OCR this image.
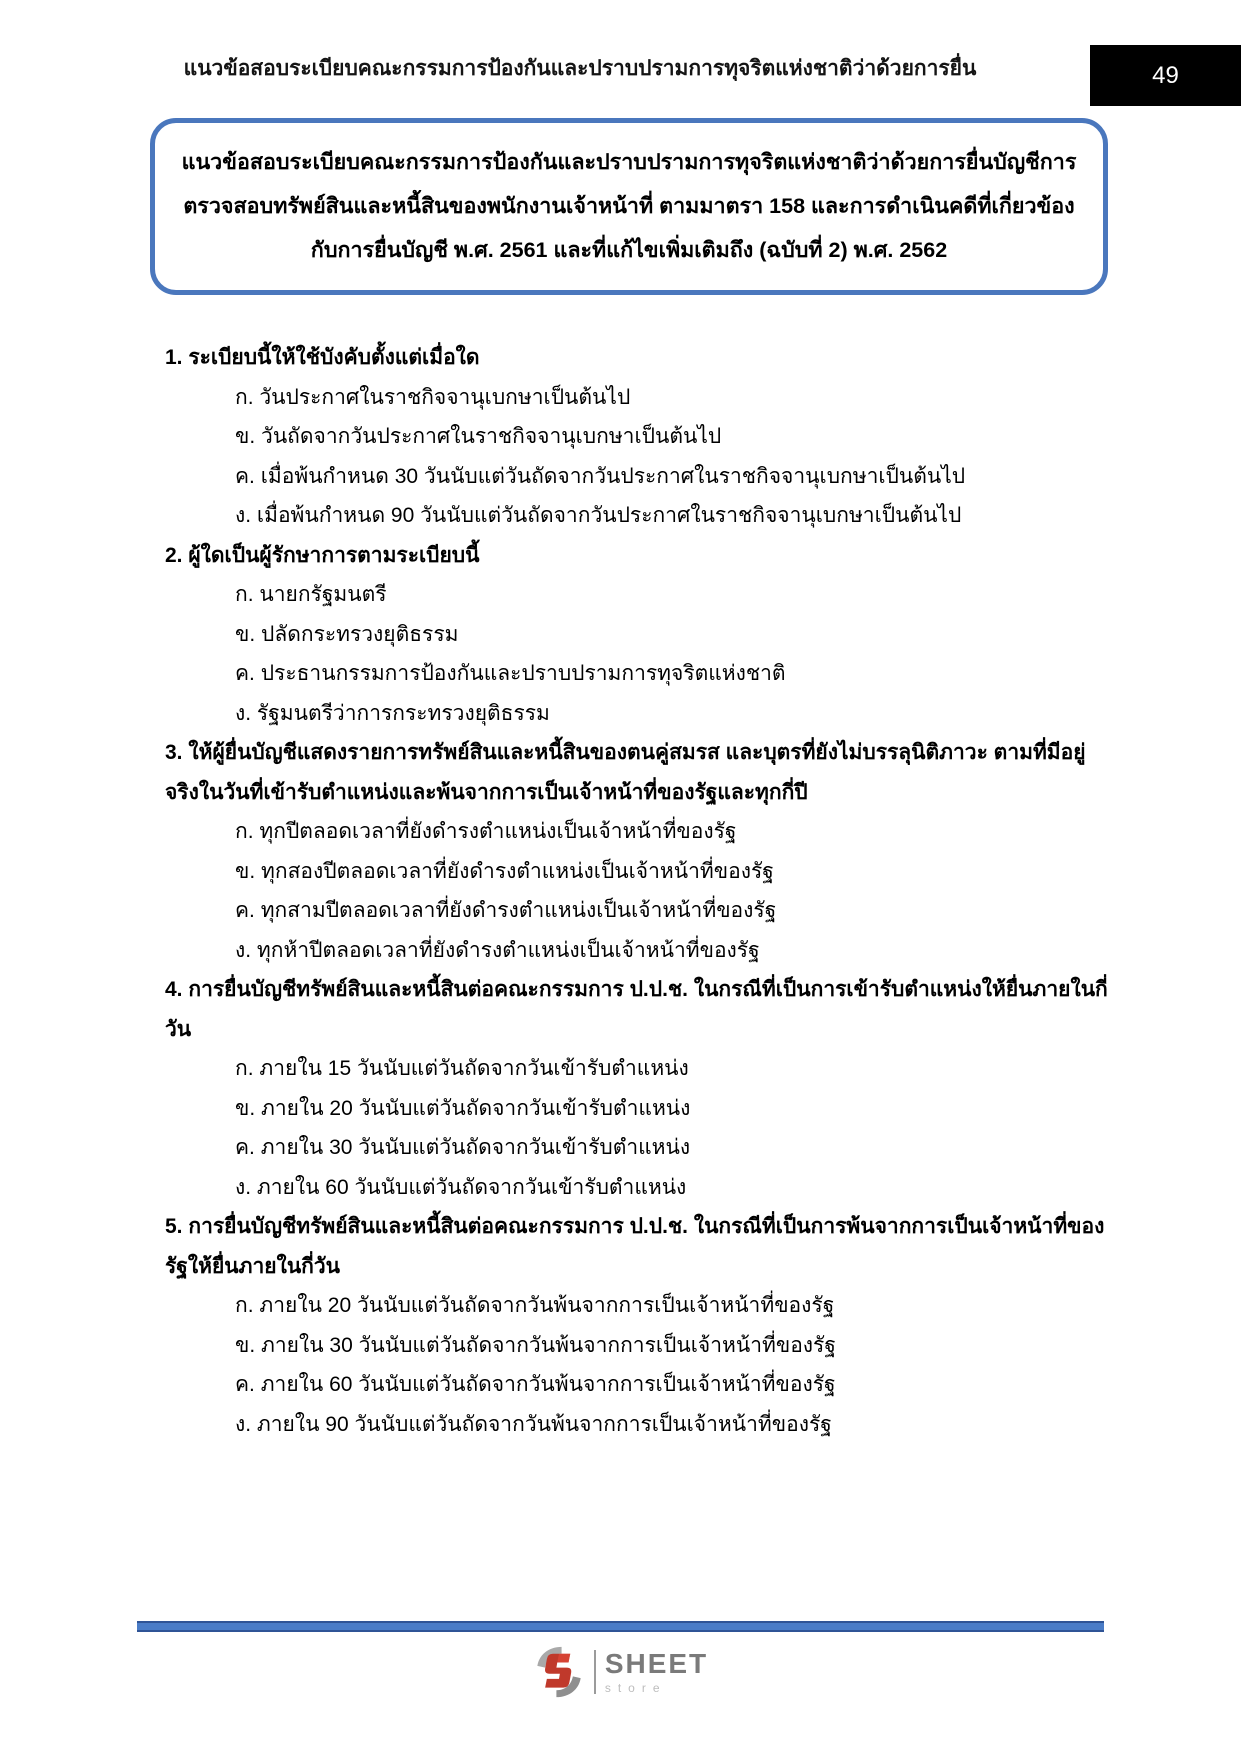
แนวข้อสอบระเบียบคณะกรรมการป้องกันและปราบปรามการทุจริตแห่งชาติว่าด้วยการยื่น	49
แนวข้อสอบระเบียบคณะกรรมการป้องกันและปราบปรามการทุจริตแห่งชาติว่าด้วยการยื่นบัญชีการ
ตรวจสอบทรัพย์สินและหนี้สินของพนักงานเจ้าหน้าที่ ตามมาตรา 158 และการดำเนินคดีที่เกี่ยวข้อง
กับการยื่นบัญชี พ.ศ. 2561 และที่แก้ไขเพิ่มเติมถึง (ฉบับที่ 2) พ.ศ. 2562

1. ระเบียบนี้ให้ใช้บังคับตั้งแต่เมื่อใด

ก. วันประกาศในราชกิจจานุเบกษาเป็นต้นไป

ข. วันถัดจากวันประกาศในราชกิจจานุเบกษาเป็นต้นไป

ค. เมื่อพ้นกำหนด 30 วันนับแต่วันถัดจากวันประกาศในราชกิจจานุเบกษาเป็นต้นไป

ง. เมื่อพ้นกำหนด 90 วันนับแต่วันถัดจากวันประกาศในราชกิจจานุเบกษาเป็นต้นไป

2. ผู้ใดเป็นผู้รักษาการตามระเบียบนี้

ก. นายกรัฐมนตรี

ข. ปลัดกระทรวงยุติธรรม

ค. ประธานกรรมการป้องกันและปราบปรามการทุจริตแห่งชาติ

ง. รัฐมนตรีว่าการกระทรวงยุติธรรม

3. ให้ผู้ยื่นบัญชีแสดงรายการทรัพย์สินและหนี้สินของตนคู่สมรส และบุตรที่ยังไม่บรรลุนิติภาวะ ตามที่มีอยู่จริงในวันที่เข้ารับตำแหน่งและพ้นจากการเป็นเจ้าหน้าที่ของรัฐและทุกกี่ปี

ก. ทุกปีตลอดเวลาที่ยังดำรงตำแหน่งเป็นเจ้าหน้าที่ของรัฐ

ข. ทุกสองปีตลอดเวลาที่ยังดำรงตำแหน่งเป็นเจ้าหน้าที่ของรัฐ

ค. ทุกสามปีตลอดเวลาที่ยังดำรงตำแหน่งเป็นเจ้าหน้าที่ของรัฐ

ง. ทุกห้าปีตลอดเวลาที่ยังดำรงตำแหน่งเป็นเจ้าหน้าที่ของรัฐ

4. การยื่นบัญชีทรัพย์สินและหนี้สินต่อคณะกรรมการ ป.ป.ช. ในกรณีที่เป็นการเข้ารับตำแหน่งให้ยื่นภายในกี่วัน

ก. ภายใน 15 วันนับแต่วันถัดจากวันเข้ารับตำแหน่ง

ข. ภายใน 20 วันนับแต่วันถัดจากวันเข้ารับตำแหน่ง

ค. ภายใน 30 วันนับแต่วันถัดจากวันเข้ารับตำแหน่ง

ง. ภายใน 60 วันนับแต่วันถัดจากวันเข้ารับตำแหน่ง

5. การยื่นบัญชีทรัพย์สินและหนี้สินต่อคณะกรรมการ ป.ป.ช. ในกรณีที่เป็นการพ้นจากการเป็นเจ้าหน้าที่ของรัฐให้ยื่นภายในกี่วัน

ก. ภายใน 20 วันนับแต่วันถัดจากวันพ้นจากการเป็นเจ้าหน้าที่ของรัฐ

ข. ภายใน 30 วันนับแต่วันถัดจากวันพ้นจากการเป็นเจ้าหน้าที่ของรัฐ

ค. ภายใน 60 วันนับแต่วันถัดจากวันพ้นจากการเป็นเจ้าหน้าที่ของรัฐ

ง. ภายใน 90 วันนับแต่วันถัดจากวันพ้นจากการเป็นเจ้าหน้าที่ของรัฐ

SHEET
store
